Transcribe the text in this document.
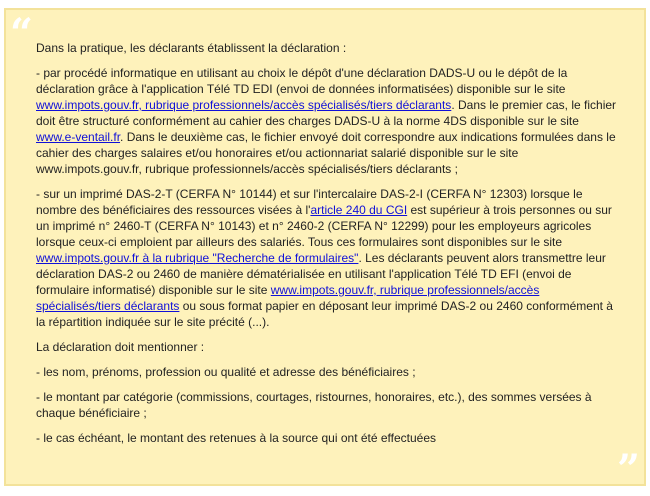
“ Dans la pratique, les déclarants établissent la déclaration :

- par procédé informatique en utilisant au choix le dépôt d'une déclaration DADS-U ou le dépôt de la déclaration grâce à l'application Télé TD EDI (envoi de données informatisées) disponible sur le site www.impots.gouv.fr, rubrique professionnels/accès spécialisés/tiers déclarants. Dans le premier cas, le fichier doit être structuré conformément au cahier des charges DADS-U à la norme 4DS disponible sur le site www.e-ventail.fr. Dans le deuxième cas, le fichier envoyé doit correspondre aux indications formulées dans le cahier des charges salaires et/ou honoraires et/ou actionnariat salarié disponible sur le site www.impots.gouv.fr, rubrique professionnels/accès spécialisés/tiers déclarants ;

- sur un imprimé DAS-2-T (CERFA N° 10144) et sur l'intercalaire DAS-2-I (CERFA N° 12303) lorsque le nombre des bénéficiaires des ressources visées à l'article 240 du CGI est supérieur à trois personnes ou sur un imprimé n° 2460-T (CERFA N° 10143) et n° 2460-2 (CERFA N° 12299) pour les employeurs agricoles lorsque ceux-ci emploient par ailleurs des salariés. Tous ces formulaires sont disponibles sur le site www.impots.gouv.fr à la rubrique "Recherche de formulaires". Les déclarants peuvent alors transmettre leur déclaration DAS-2 ou 2460 de manière dématérialisée en utilisant l'application Télé TD EFI (envoi de formulaire informatisé) disponible sur le site www.impots.gouv.fr, rubrique professionnels/accès spécialisés/tiers déclarants ou sous format papier en déposant leur imprimé DAS-2 ou 2460 conformément à la répartition indiquée sur le site précité (...).

La déclaration doit mentionner :

- les nom, prénoms, profession ou qualité et adresse des bénéficiaires ;

- le montant par catégorie (commissions, courtages, ristournes, honoraires, etc.), des sommes versées à chaque bénéficiaire ;

- le cas échéant, le montant des retenues à la source qui ont été effectuées

”
